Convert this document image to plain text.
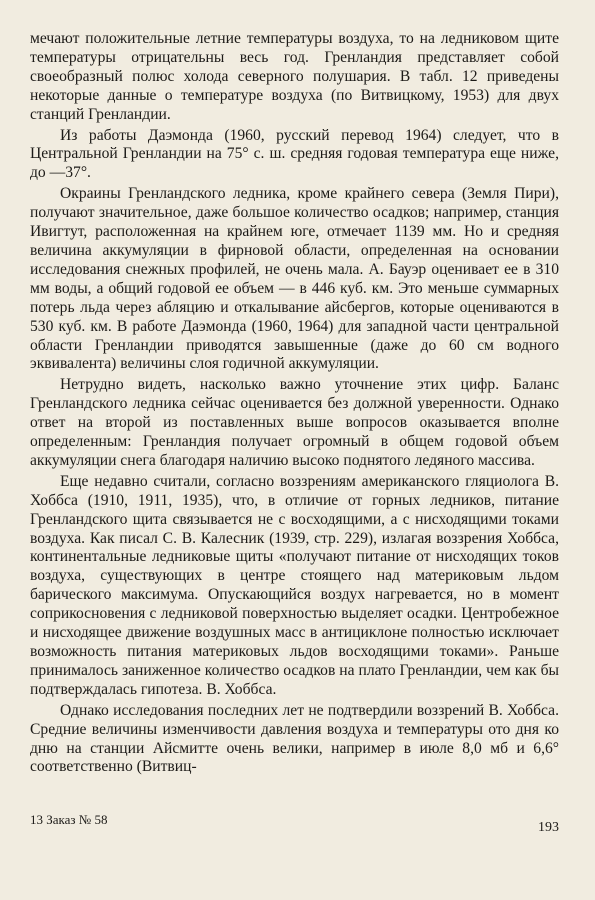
мечают положительные летние температуры воздуха, то на ледниковом щите температуры отрицательны весь год. Гренландия представляет собой своеобразный полюс холода северного полушария. В табл. 12 приведены некоторые данные о температуре воздуха (по Витвицкому, 1953) для двух станций Гренландии.

Из работы Даэмонда (1960, русский перевод 1964) следует, что в Центральной Гренландии на 75° с. ш. средняя годовая температура еще ниже, до —37°.

Окраины Гренландского ледника, кроме крайнего севера (Земля Пири), получают значительное, даже большое количество осадков; например, станция Ивигтут, расположенная на крайнем юге, отмечает 1139 мм. Но и средняя величина аккумуляции в фирновой области, определенная на основании исследования снежных профилей, не очень мала. А. Бауэр оценивает ее в 310 мм воды, а общий годовой ее объем — в 446 куб. км. Это меньше суммарных потерь льда через абляцию и откалывание айсбергов, которые оцениваются в 530 куб. км. В работе Даэмонда (1960, 1964) для западной части центральной области Гренландии приводятся завышенные (даже до 60 см водного эквивалента) величины слоя годичной аккумуляции.

Нетрудно видеть, насколько важно уточнение этих цифр. Баланс Гренландского ледника сейчас оценивается без должной уверенности. Однако ответ на второй из поставленных выше вопросов оказывается вполне определенным: Гренландия получает огромный в общем годовой объем аккумуляции снега благодаря наличию высоко поднятого ледяного массива.

Еще недавно считали, согласно воззрениям американского гляциолога В. Хоббса (1910, 1911, 1935), что, в отличие от горных ледников, питание Гренландского щита связывается не с восходящими, а с нисходящими токами воздуха. Как писал С. В. Калесник (1939, стр. 229), излагая воззрения Хоббса, континентальные ледниковые щиты «получают питание от нисходящих токов воздуха, существующих в центре стоящего над материковым льдом барического максимума. Опускающийся воздух нагревается, но в момент соприкосновения с ледниковой поверхностью выделяет осадки. Центробежное и нисходящее движение воздушных масс в антициклоне полностью исключает возможность питания материковых льдов восходящими токами». Раньше принималось заниженное количество осадков на плато Гренландии, чем как бы подтверждалась гипотеза. В. Хоббса.

Однако исследования последних лет не подтвердили воззрений В. Хоббса. Средние величины изменчивости давления воздуха и температуры ото дня ко дню на станции Айсмитте очень велики, например в июле 8,0 мб и 6,6° соответственно (Витвиц-

13 Заказ № 58
193
